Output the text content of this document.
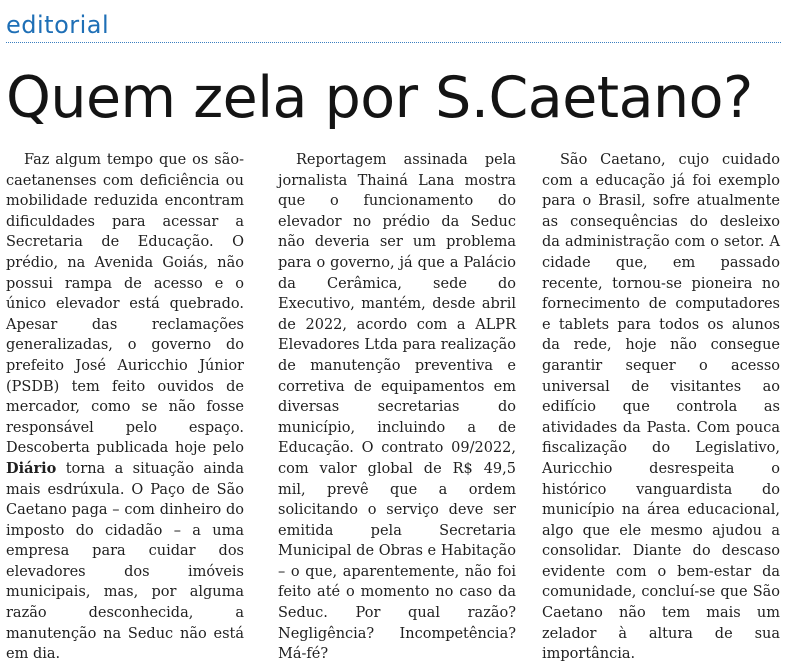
editorial
Quem zela por S.Caetano?

Faz algum tempo que os são-caetanenses com deficiência ou mobilidade reduzida encontram dificuldades para acessar a Secretaria de Educação. O prédio, na Avenida Goiás, não possui rampa de acesso e o único elevador está quebrado. Apesar das reclamações generalizadas, o governo do prefeito José Auricchio Júnior (PSDB) tem feito ouvidos de mercador, como se não fosse responsável pelo espaço. Descoberta publicada hoje pelo Diário torna a situação ainda mais esdrúxula. O Paço de São Caetano paga – com dinheiro do imposto do cidadão – a uma empresa para cuidar dos elevadores dos imóveis municipais, mas, por alguma razão desconhecida, a manutenção na Seduc não está em dia.

Reportagem assinada pela jornalista Thainá Lana mostra que o funcionamento do elevador no prédio da Seduc não deveria ser um problema para o governo, já que a Palácio da Cerâmica, sede do Executivo, mantém, desde abril de 2022, acordo com a ALPR Elevadores Ltda para realização de manutenção preventiva e corretiva de equipamentos em diversas secretarias do município, incluindo a de Educação. O contrato 09/2022, com valor global de R$ 49,5 mil, prevê que a ordem solicitando o serviço deve ser emitida pela Secretaria Municipal de Obras e Habitação – o que, aparentemente, não foi feito até o momento no caso da Seduc. Por qual razão? Negligência? Incompetência? Má-fé?

São Caetano, cujo cuidado com a educação já foi exemplo para o Brasil, sofre atualmente as consequências do desleixo da administração com o setor. A cidade que, em passado recente, tornou-se pioneira no fornecimento de computadores e tablets para todos os alunos da rede, hoje não consegue garantir sequer o acesso universal de visitantes ao edifício que controla as atividades da Pasta. Com pouca fiscalização do Legislativo, Auricchio desrespeita o histórico vanguardista do município na área educacional, algo que ele mesmo ajudou a consolidar. Diante do descaso evidente com o bem-estar da comunidade, concluí-se que São Caetano não tem mais um zelador à altura de sua importância.
